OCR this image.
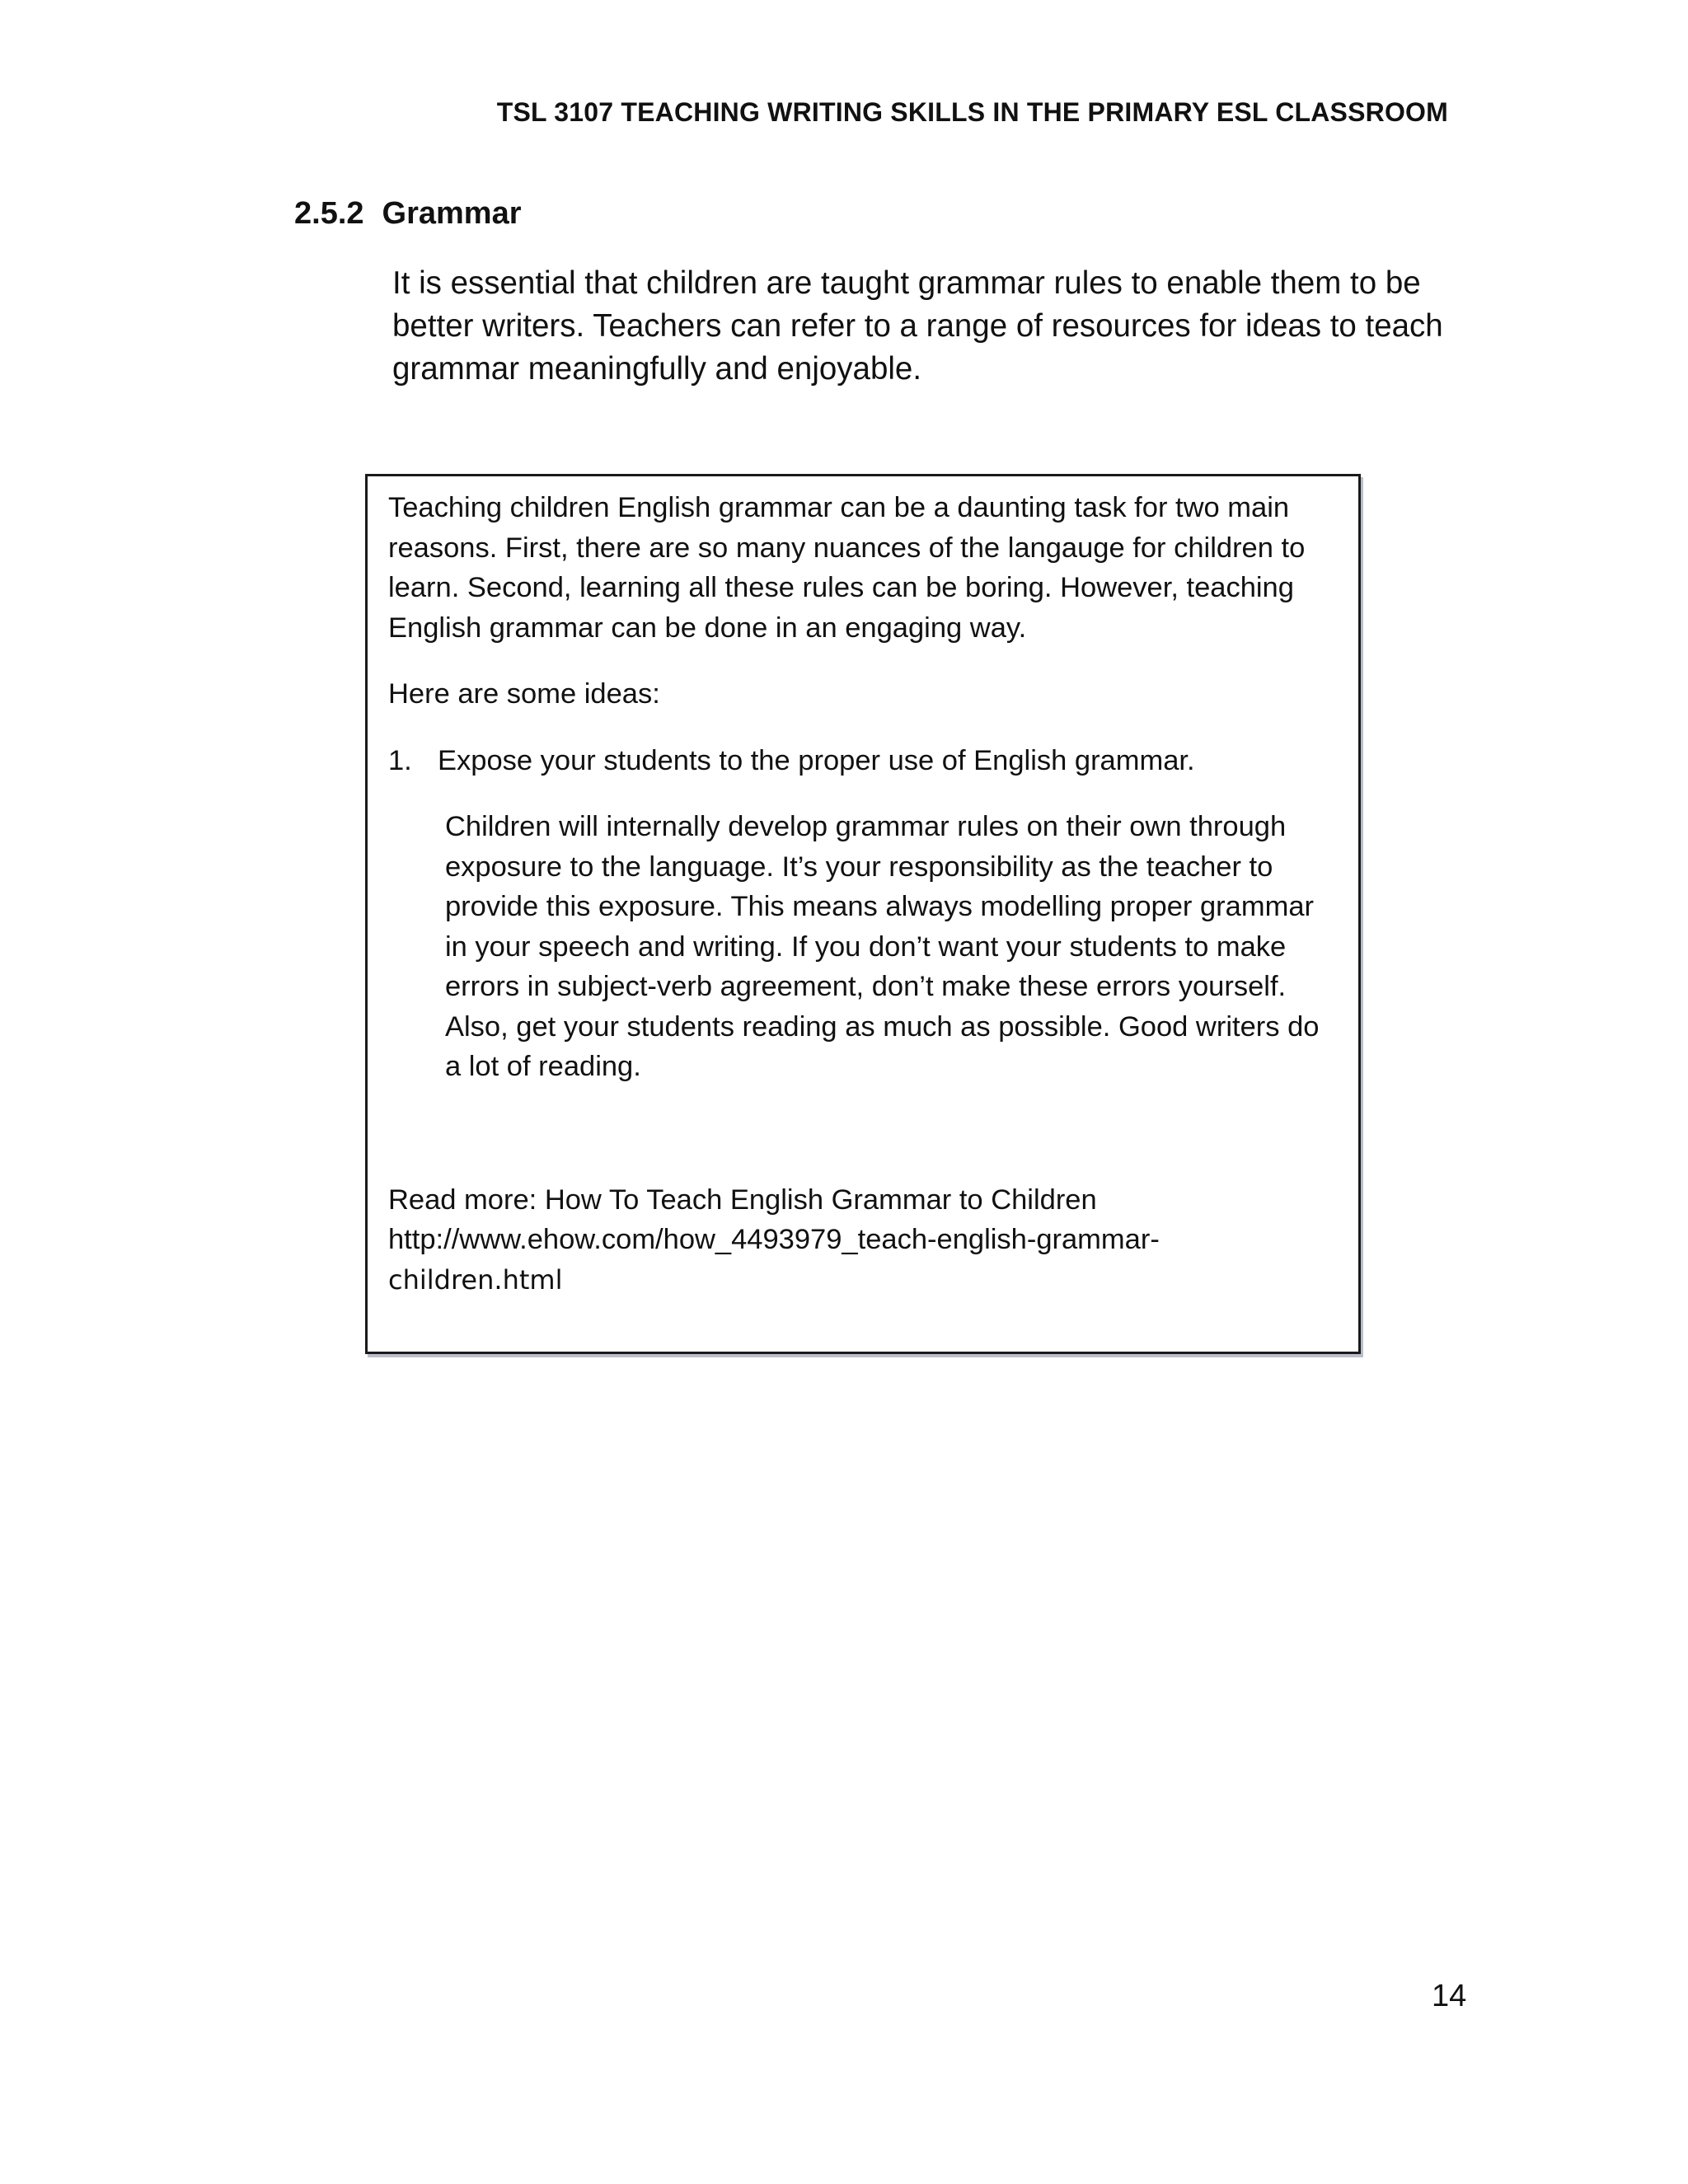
TSL 3107 TEACHING WRITING SKILLS IN THE PRIMARY ESL CLASSROOM
2.5.2 Grammar

It is essential that children are taught grammar rules to enable them to be better writers. Teachers can refer to a range of resources for ideas to teach grammar meaningfully and enjoyable.

Teaching children English grammar can be a daunting task for two main reasons. First, there are so many nuances of the langauge for children to learn. Second, learning all these rules can be boring. However, teaching English grammar can be done in an engaging way.

Here are some ideas:

1. Expose your students to the proper use of English grammar.

Children will internally develop grammar rules on their own through exposure to the language. It’s your responsibility as the teacher to provide this exposure. This means always modelling proper grammar in your speech and writing. If you don’t want your students to make errors in subject-verb agreement, don’t make these errors yourself. Also, get your students reading as much as possible. Good writers do a lot of reading.

Read more: How To Teach English Grammar to Children
http://www.ehow.com/how_4493979_teach-english-grammar-
children.html

14
